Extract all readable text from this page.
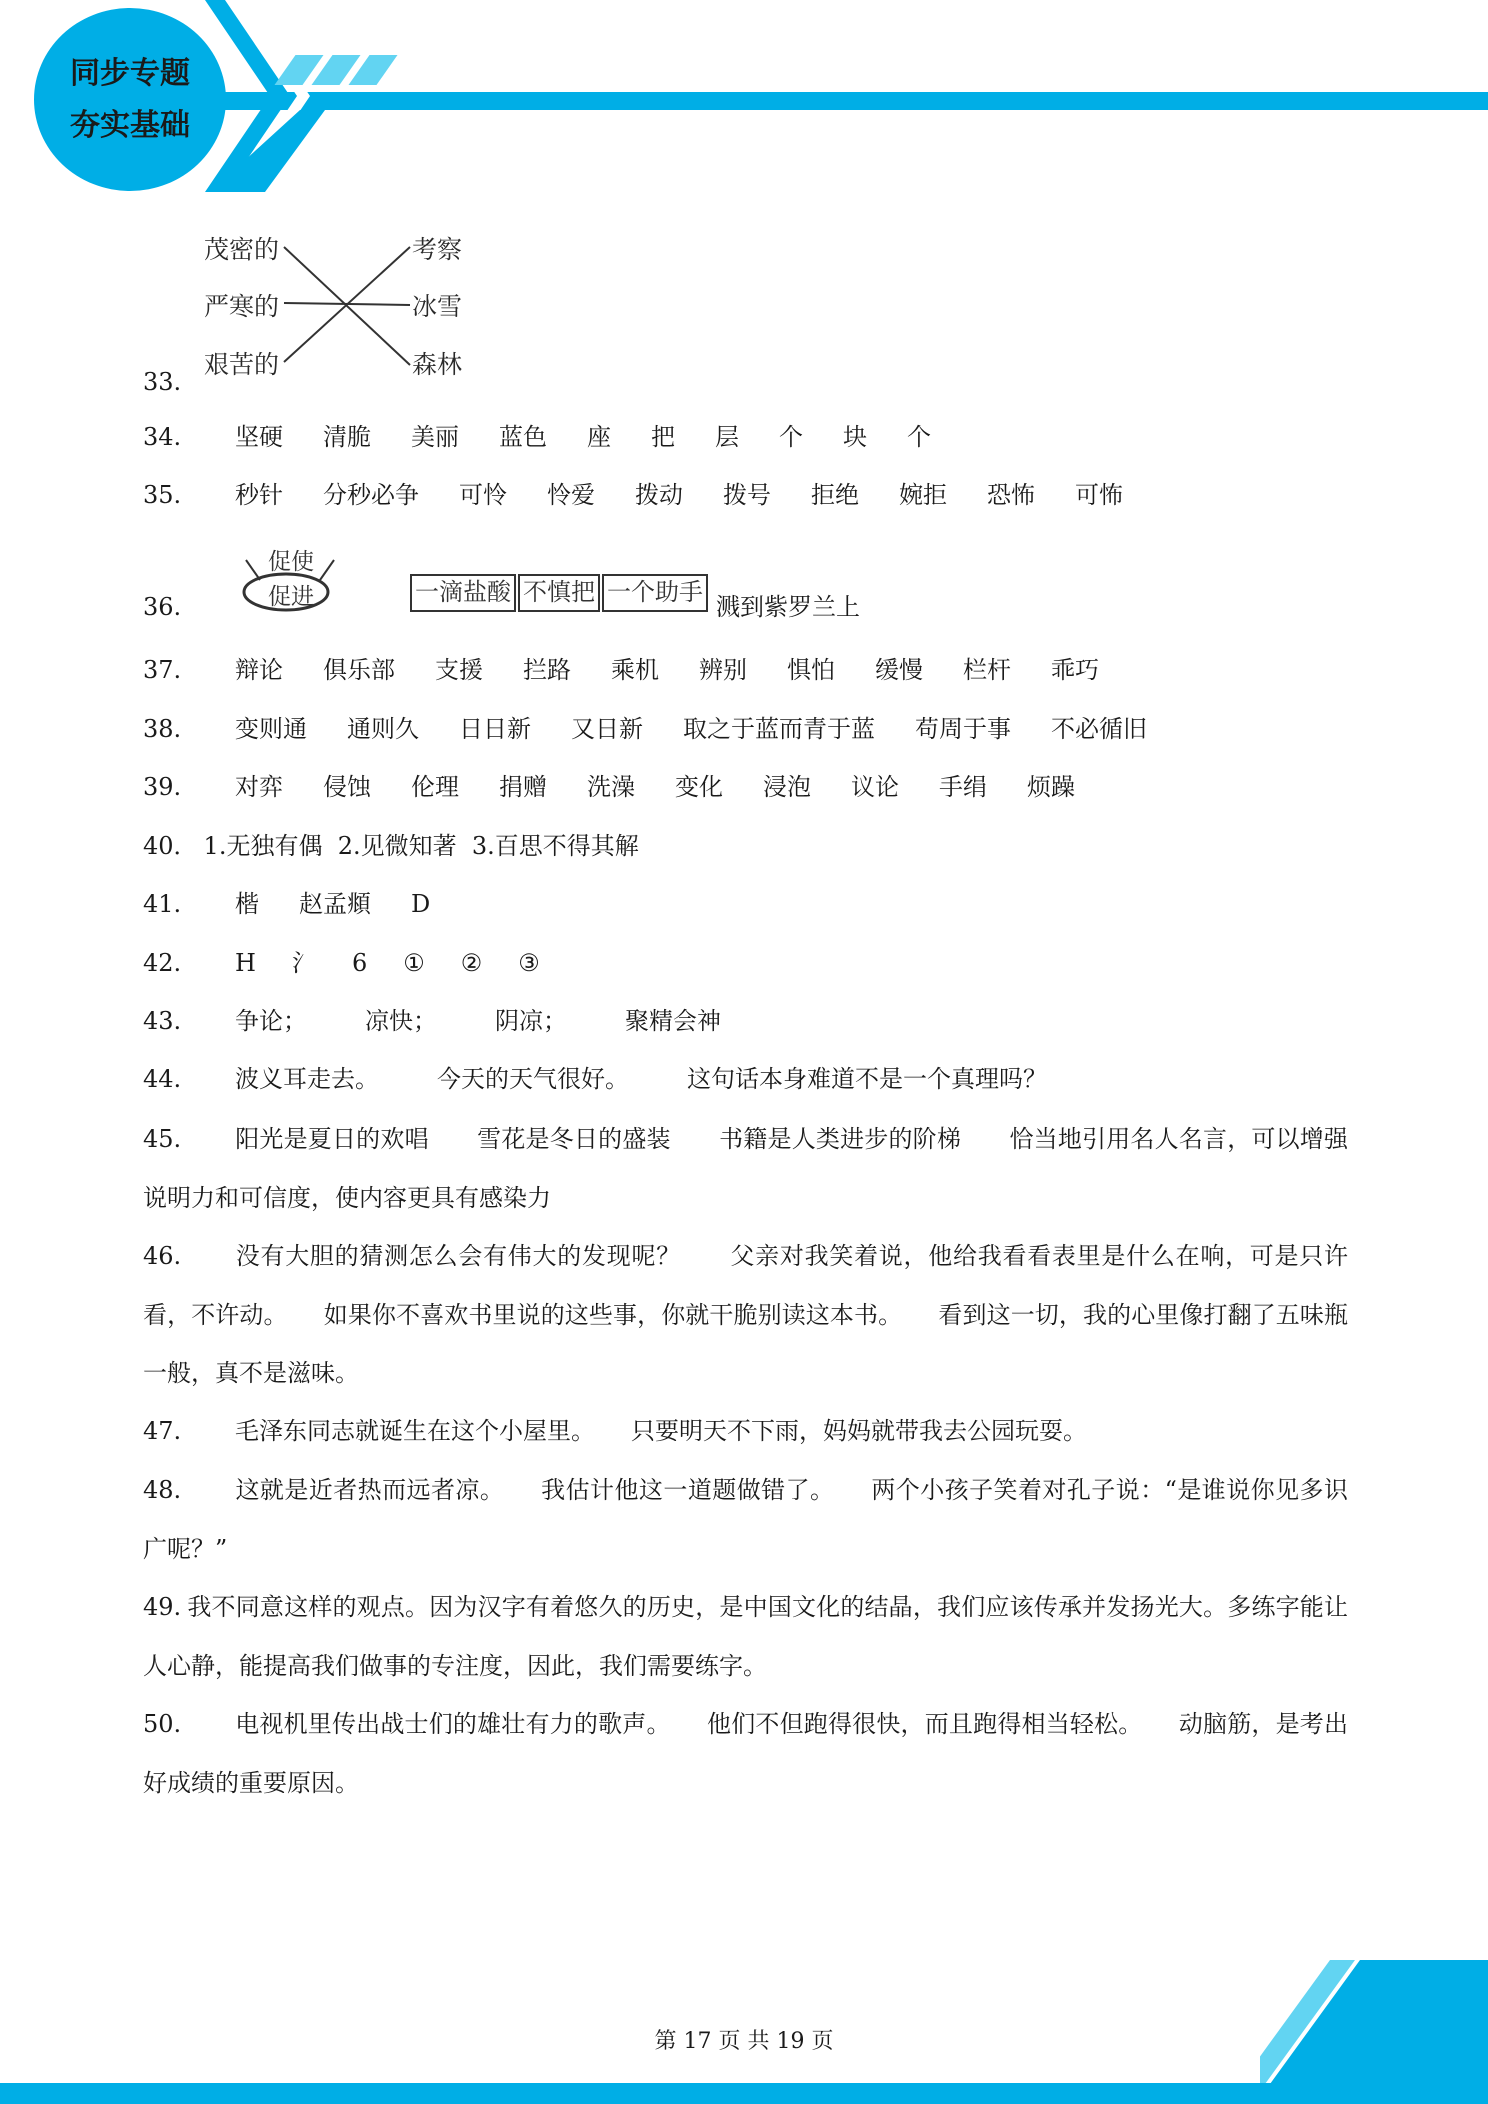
同步专题
夯实基础
茂密的
严寒的
艰苦的
考察
冰雪
森林
33.
34. 坚硬 清脆 美丽 蓝色 座 把 层 个 块 个
35. 秒针 分秒必争 可怜 怜爱 拨动 拨号 拒绝 婉拒 恐怖 可怖
促使
促进	一滴盐酸 不慎把 一个助手
36.	溅到紫罗兰上
37. 辩论 俱乐部 支援 拦路 乘机 辨别 惧怕 缓慢 栏杆 乖巧
38. 变则通 通则久 日日新 又日新 取之于蓝而青于蓝 苟周于事 不必循旧
39. 对弈 侵蚀 伦理 捐赠 洗澡 变化 浸泡 议论 手绢 烦躁
40． 1.无独有偶  2.见微知著  3.百思不得其解
41. 楷 赵孟頫 D
42. H 氵 6 ① ② ③
43. 争论； 凉快； 阴凉； 聚精会神
44. 波义耳走去。 今天的天气很好。 这句话本身难道不是一个真理吗？
45. 阳光是夏日的欢唱　　雪花是冬日的盛装　　书籍是人类进步的阶梯　　恰当地引用名人名言，可以增强说明力和可信度，使内容更具有感染力
46. 没有大胆的猜测怎么会有伟大的发现呢？　　父亲对我笑着说，他给我看看表里是什么在响，可是只许看，不许动。　　如果你不喜欢书里说的这些事，你就干脆别读这本书。　　看到这一切，我的心里像打翻了五味瓶一般，真不是滋味。
47. 毛泽东同志就诞生在这个小屋里。　　只要明天不下雨，妈妈就带我去公园玩耍。
48. 这就是近者热而远者凉。　　我估计他这一道题做错了。　　两个小孩子笑着对孔子说：“是谁说你见多识广呢？”
49. 我不同意这样的观点。因为汉字有着悠久的历史，是中国文化的结晶，我们应该传承并发扬光大。多练字能让人心静，能提高我们做事的专注度，因此，我们需要练字。
50. 电视机里传出战士们的雄壮有力的歌声。　　他们不但跑得很快，而且跑得相当轻松。　　动脑筋，是考出好成绩的重要原因。
第 17 页 共 19 页
